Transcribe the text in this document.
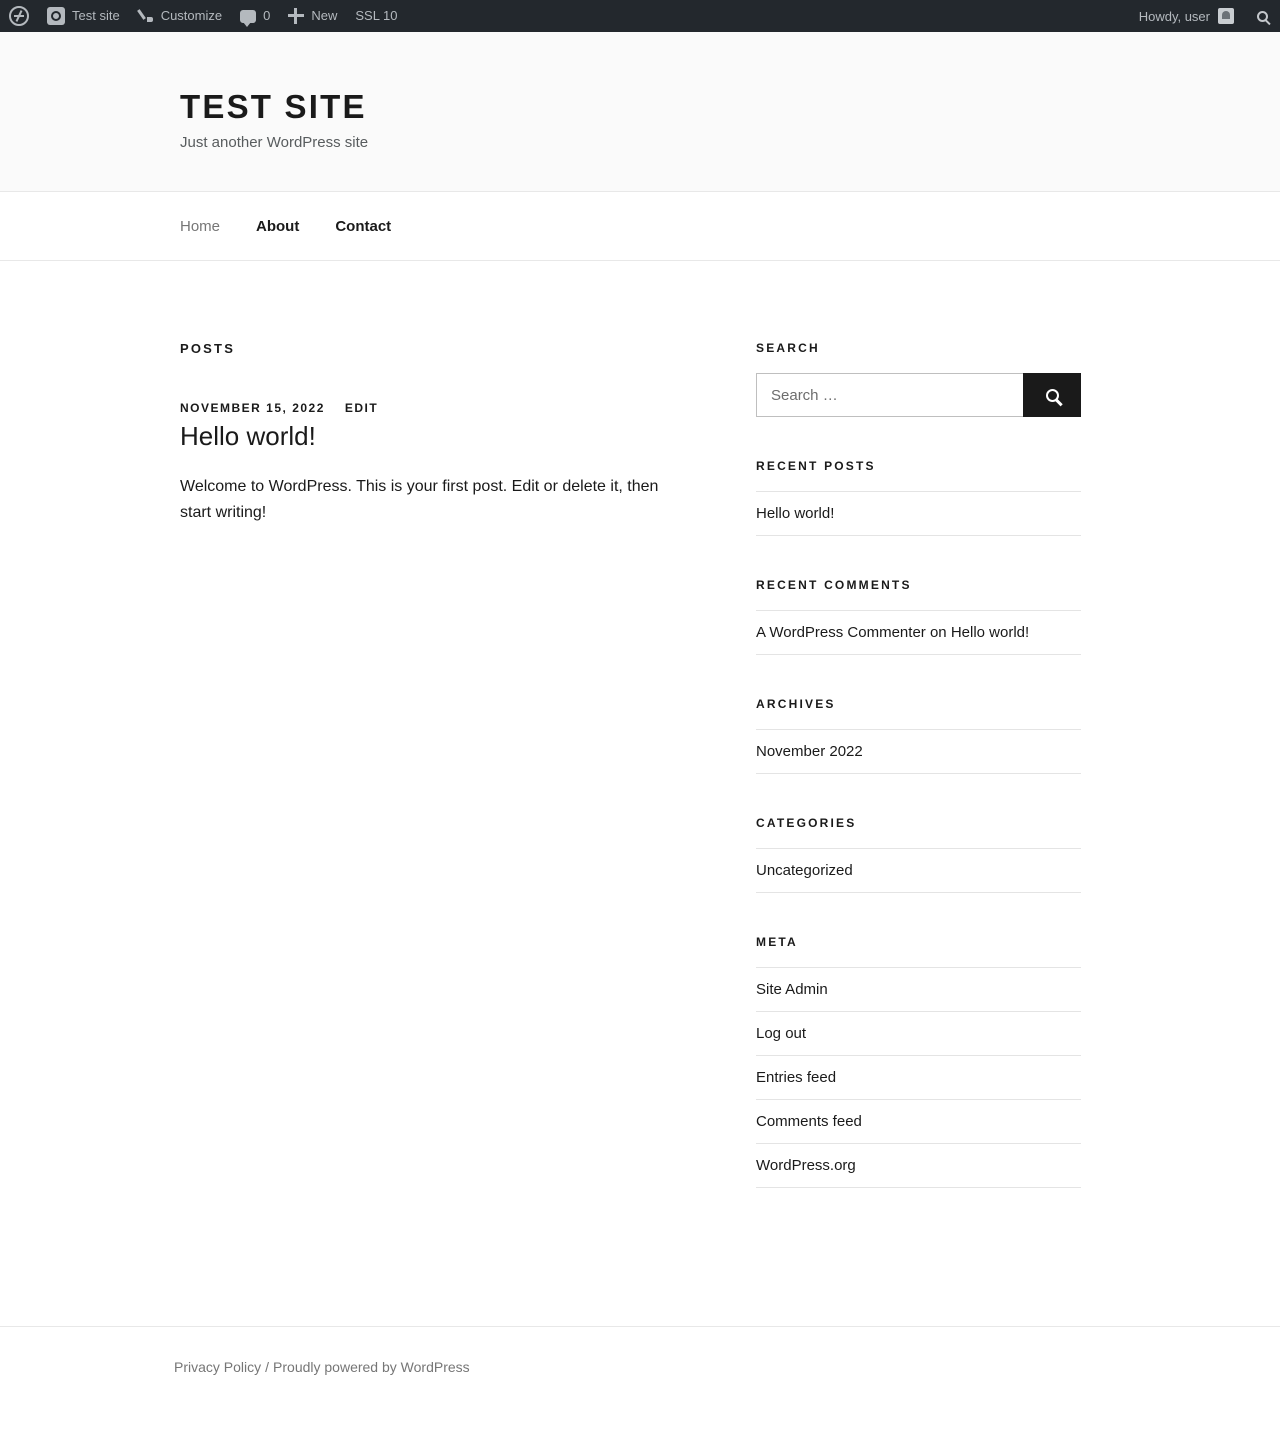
Test site	Customize	0	New SSL 10	Howdy, user
TEST SITE

Just another WordPress site

Home About Contact
POSTS
NOVEMBER 15, 2022 EDIT
Hello world!

Welcome to WordPress. This is your first post. Edit or delete it, then start writing!

SEARCH
Search …
RECENT POSTS
Hello world!
RECENT COMMENTS
A WordPress Commenter on Hello world!
ARCHIVES
November 2022
CATEGORIES
Uncategorized
META
Site Admin
Log out
Entries feed
Comments feed
WordPress.org
Privacy Policy / Proudly powered by WordPress
